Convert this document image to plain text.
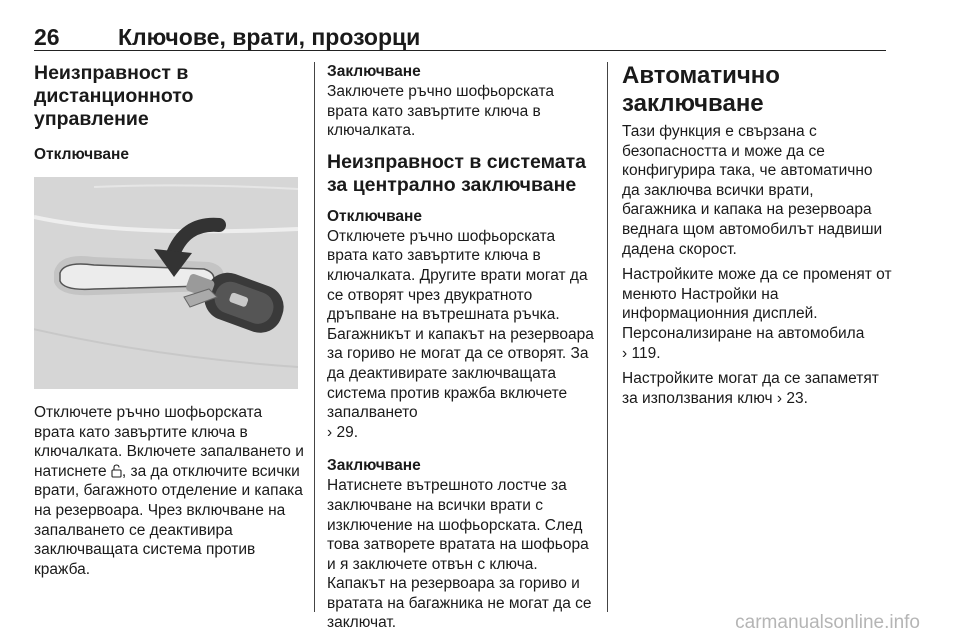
26	Ключове, врати, прозорци
Неизправност в дистанционното управление
Отключване

Отключете ръчно шофьорската врата като завъртите ключа в ключалката. Включете запалването и натиснете , за да отключите всички врати, багажното отделение и капака на резервоара. Чрез включване на запалването се деактивира заключващата система против кражба.

Заключване

Заключете ръчно шофьорската врата като завъртите ключа в ключалката.

Неизправност в системата за централно заключване
Отключване

Отключете ръчно шофьорската врата като завъртите ключа в ключалката. Другите врати могат да се отворят чрез двукратното дръпване на вътрешната ръчка. Багажникът и капакът на резервоара за гориво не могат да се отворят. За да деактивирате заключващата система против кражба включете запалването
› 29.

Заключване

Натиснете вътрешното лостче за заключване на всички врати с изключение на шофьорската. След това затворете вратата на шофьора и я заключете отвън с ключа. Капакът на резервоара за гориво и вратата на багажника не могат да се заключат.

Автоматично заключване

Тази функция е свързана с безопасността и може да се конфигурира така, че автоматично да заключва всички врати, багажника и капака на резервоара веднага щом автомобилът надвиши дадена скорост.

Настройките може да се променят от менюто Настройки на информационния дисплей. Персонализиране на автомобила
› 119.

Настройките могат да се запаметят за използвания ключ › 23.

carmanualsonline.info
